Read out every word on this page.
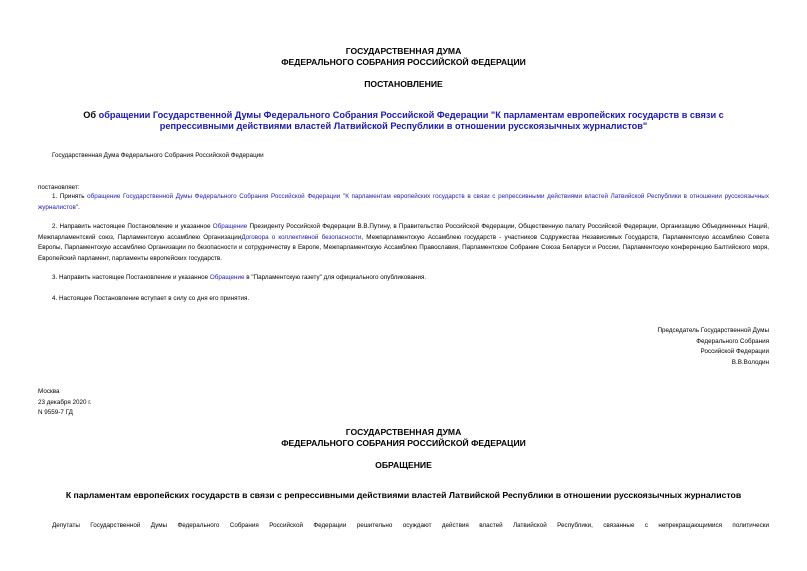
ГОСУДАРСТВЕННАЯ ДУМА
ФЕДЕРАЛЬНОГО СОБРАНИЯ РОССИЙСКОЙ ФЕДЕРАЦИИ
ПОСТАНОВЛЕНИЕ
Об обращении Государственной Думы Федерального Собрания Российской Федерации "К парламентам европейских государств в связи с репрессивными действиями властей Латвийской Республики в отношении русскоязычных журналистов"
Государственная Дума Федерального Собрания Российской Федерации
постановляет:
1. Принять обращение Государственной Думы Федерального Собрания Российской Федерации "К парламентам европейских государств в связи с репрессивными действиями властей Латвийской Республики в отношении русскоязычных журналистов".
2. Направить настоящее Постановление и указанное Обращение Президенту Российской Федерации В.В.Путину, в Правительство Российской Федерации, Общественную палату Российской Федерации, Организацию Объединенных Наций, Межпарламентский союз, Парламентскую ассамблею ОрганизацииДоговора о коллективной безопасности, Межпарламентскую Ассамблею государств - участников Содружества Независимых Государств, Парламентскую ассамблею Совета Европы, Парламентскую ассамблею Организации по безопасности и сотрудничеству в Европе, Межпарламентскую Ассамблею Православия, Парламентское Собрание Союза Беларуси и России, Парламентскую конференцию Балтийского моря, Европейский парламент, парламенты европейских государств.
3. Направить настоящее Постановление и указанное Обращение в "Парламентскую газету" для официального опубликования.
4. Настоящее Постановление вступает в силу со дня его принятия.
Председатель Государственной Думы
Федерального Собрания
Российской Федерации
В.В.Володин
Москва
23 декабря 2020 г.
N 9559-7 ГД
ГОСУДАРСТВЕННАЯ ДУМА
ФЕДЕРАЛЬНОГО СОБРАНИЯ РОССИЙСКОЙ ФЕДЕРАЦИИ
ОБРАЩЕНИЕ
К парламентам европейских государств в связи с репрессивными действиями властей Латвийской Республики в отношении русскоязычных журналистов
Депутаты Государственной Думы Федерального Собрания Российской Федерации решительно осуждают действия властей Латвийской Республики, связанные с непрекращающимися политически
